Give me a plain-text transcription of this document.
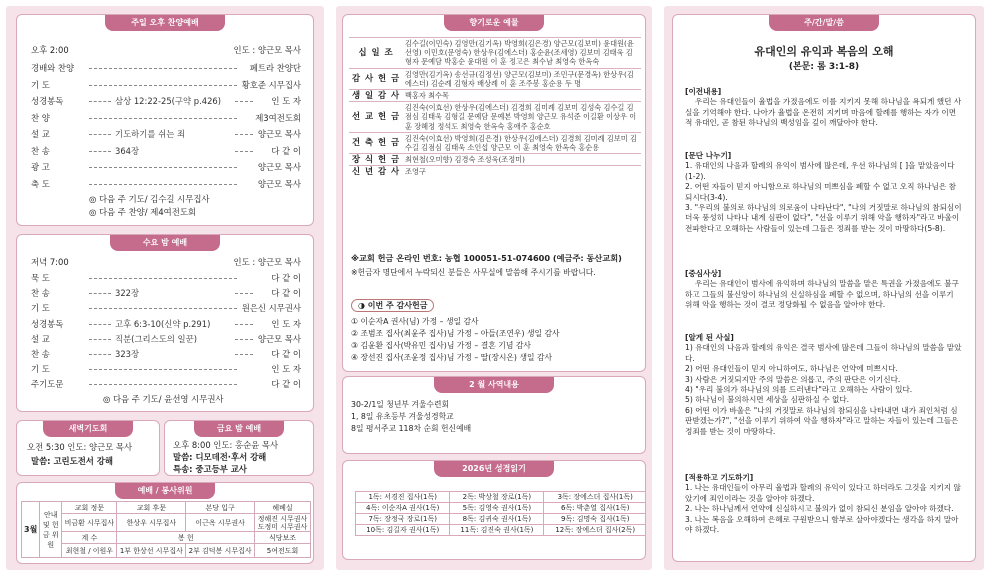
주일 오후 찬양예배
오후 2:00	인도 : 양근모 목사
경배와 찬양	페트라 찬양단
기 도	황호준 시무집사
성경봉독	삼상 12:22-25(구약 p.426)	인 도 자
찬 양	제3여전도회
설 교	기도하기를 쉬는 죄	양근모 목사
찬 송	364장	다 같 이
광 고	양근모 목사
축 도	양근모 목사
◎ 다음 주 기도/ 김수길 시무집사
◎ 다음 주 찬양/ 제4여전도회
수요 밤 예배
저녁 7:00	인도 : 양근모 목사
묵 도	다 같 이
찬 송	322장	다 같 이
기 도	원은신 시무권사
성경봉독	고후 6:3-10(신약 p.291)	인 도 자
설 교	직분(그리스도의 일꾼)	양근모 목사
찬 송	323장	다 같 이
기 도	인 도 자
주기도문	다 같 이
◎ 다음 주 기도/ 윤선영 시무권사
새벽기도회
오전 5:30 인도: 양근모 목사
말씀: 고린도전서 강해
금요 밤 예배
오후 8:00 인도: 홍순윤 목사
말씀: 디모데전·후서 강해
특송: 중고등부 교사
예배 / 봉사위원
3월	안내 및 헌금 위원	교회 정문	교회 후문	본당 입구	헤베실
		비금환 시무집사	한상우 시무집사	이근옥 시무권사	정해진 시무권사 도정미 시무권사
		계 수	봉 헌		식당보조
		최현철 / 이원우	1부 한상선 시무집사	2부 김덕봉 시무집사	5여전도회
향기로운 예물
십 일 조	김수길(이민숙) 김영만(김기옥) 박영희(김은경) 양근모(김보미) 윤대원(윤선영) 이민호(문영숙) 한상우(김에스더) 홍순윤(조세영) 김보미 김태욱 김형자 문예담 박홍순 윤대원 이 훈 정고은 최수남 최영숙 한옥숙
감 사 헌 금	김영만(김기옥) 송선규(김정선) 양근모(김보미) 조민구(문경옥) 한상우(김에스더) 김순례 김형자 배상례 이 훈 조주봉 홍순용 두 명
생 일 감 사	백홍자 최수목
선 교 헌 금	김진숙(이효선) 한상우(김에스더) 김경희 김미례 김보미 김성숙 김수길 김점심 김태욱 김형길 문예담 문예본 박영희 양근모 유석준 이길환 이상우 이 훈 장혜정 정석도 최영숙 한옥숙 홍애주 홍순호
건 축 헌 금	김진숙(이효선) 박영희(김은경) 한상우(김에스더) 김경희 김미례 김보미 김수길 김점심 김태욱 소인섭 양근모 이 훈 최영숙 한옥숙 홍순용
장 식 헌 금	최현철(오미향) 김경숙 조성욱(조정미)
신 년 감 사	조영구
※교회 헌금 온라인 번호: 농협 100051-51-074600 (예금주: 동산교회)
※헌금자 명단에서 누락되신 분들은 사무실에 말씀해 주시기를 바랍니다.
◑ 이번 주 감사헌금
① 이순자A 권사(님) 가정 – 생일 감사
② 조범조 집사(최윤주 집사)님 가정 – 아들(조연우) 생일 감사
③ 김윤환 집사(박유민 집사)님 가정 – 결혼 기념 감사
④ 장선진 집사(조윤정 집사)님 가정 – 딸(장시온) 생일 감사
2 월 사역내용
30-2/1일 청년부 겨울수련회
1, 8일 유초등부 겨울성경학교
8일 평서주교 118차 순회 헌신예배
2026년 성경읽기
1독: 서경진 집사(1독)	2독: 박상철 장로(1독)	3독: 장에스더 집사(1독)
4독: 이순자A 권사(1독)	5독: 김영숙 권사(1독)	6독: 박춘열 집사(1독)
7독: 장정국 장로(1독)	8독: 김귀숙 권사(1독)	9독: 김명숙 집사(1독)
10독: 김길자 권사(1독)	11독: 김진숙 권사(1독)	12독: 장에스더 집사(2독)
주/간/말/씀
유대인의 유익과 복음의 오해
(본문: 롬 3:1-8)
[이전내용]

우리는 유대인들이 율법을 가졌음에도 이를 지키지 못해 하나님을 욕되게 했던 사실을 기억해야 한다. 나아가 율법을 온전히 지키며 마음에 할례를 행하는 자가 이면적 유대인, 곧 참된 하나님의 백성임을 깊이 깨달아야 한다.

[문단 나누기]
1. 유대인의 나음과 할례의 유익이 범사에 많은데, 우선 하나님의 [ ]을 맡았음이다(1-2).
2. 어떤 자들이 믿지 아니함으로 하나님의 미쁘심을 폐할 수 없고 오직 하나님은 참되시다(3-4).
3. "우리의 불의로 하나님의 의로움이 나타난다", "나의 거짓말로 하나님의 참되심이 더욱 풍성히 나타나 내게 심판이 없다", "선을 이루기 위해 악을 행하자"라고 바울이 전파한다고 오해하는 사람들이 있는데 그들은 정죄를 받는 것이 마땅하다(5-8).
[중심사상]

우리는 유대인이 범사에 유익하며 하나님의 말씀을 맡은 특권을 가졌음에도 불구하고 그들의 불신앙이 하나님의 신실하심을 폐할 수 없으며, 하나님의 선을 이루기 위해 악을 행하는 것이 결코 정당화될 수 없음을 알아야 한다.

[알게 된 사실]
1) 유대인의 나음과 할례의 유익은 결국 범사에 많은데 그들이 하나님의 말씀을 맡았다.
2) 어떤 유대인들이 믿지 아니하여도, 하나님은 언약에 미쁘시다.
3) 사람은 거짓되지만 주의 말씀은 의롭고, 주의 판단은 이기신다.
4) "우리 불의가 하나님의 의를 드러낸다"라고 오해하는 사람이 있다.
5) 하나님이 불의하시면 세상을 심판하실 수 없다.
6) 어떤 이가 바울은 "나의 거짓말로 하나님의 참되심을 나타내면 내가 죄인처럼 심판받겠는가?", "선을 이루기 위하여 악을 행하자"라고 말하는 자들이 있는데 그들은 정죄를 받는 것이 마땅하다.
[적용하고 기도하기]
1. 나는 유대인들이 아무리 율법과 할례의 유익이 있다고 하더라도 그것을 지키지 않았기에 죄인이라는 것을 알아야 하겠다.
2. 나는 하나님께서 언약에 신실하시고 불의가 없이 참되신 분임을 알아야 하겠다.
3. 나는 복음을 오해하여 은혜로 구원받으니 함부로 살아야겠다는 생각을 하지 말아야 하겠다.
